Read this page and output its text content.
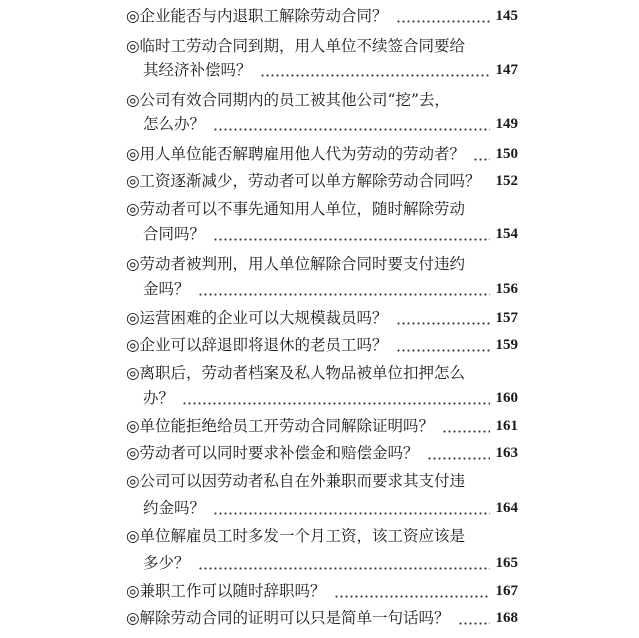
◎企业能否与内退职工解除劳动合同？	145
◎临时工劳动合同到期，用人单位不续签合同要给
其经济补偿吗？	147
◎公司有效合同期内的员工被其他公司“挖”去，
怎么办？	149
◎用人单位能否解聘雇用他人代为劳动的劳动者？ 150
◎工资逐渐减少，劳动者可以单方解除劳动合同吗？ 152
◎劳动者可以不事先通知用人单位，随时解除劳动
合同吗？	154
◎劳动者被判刑，用人单位解除合同时要支付违约
金吗？	156
◎运营困难的企业可以大规模裁员吗？	157
◎企业可以辞退即将退休的老员工吗？	159
◎离职后，劳动者档案及私人物品被单位扣押怎么
办？	160
◎单位能拒绝给员工开劳动合同解除证明吗？	161
◎劳动者可以同时要求补偿金和赔偿金吗？	163
◎公司可以因劳动者私自在外兼职而要求其支付违
约金吗？	164
◎单位解雇员工时多发一个月工资，该工资应该是
多少？	165
◎兼职工作可以随时辞职吗？	167
◎解除劳动合同的证明可以只是简单一句话吗？	168
